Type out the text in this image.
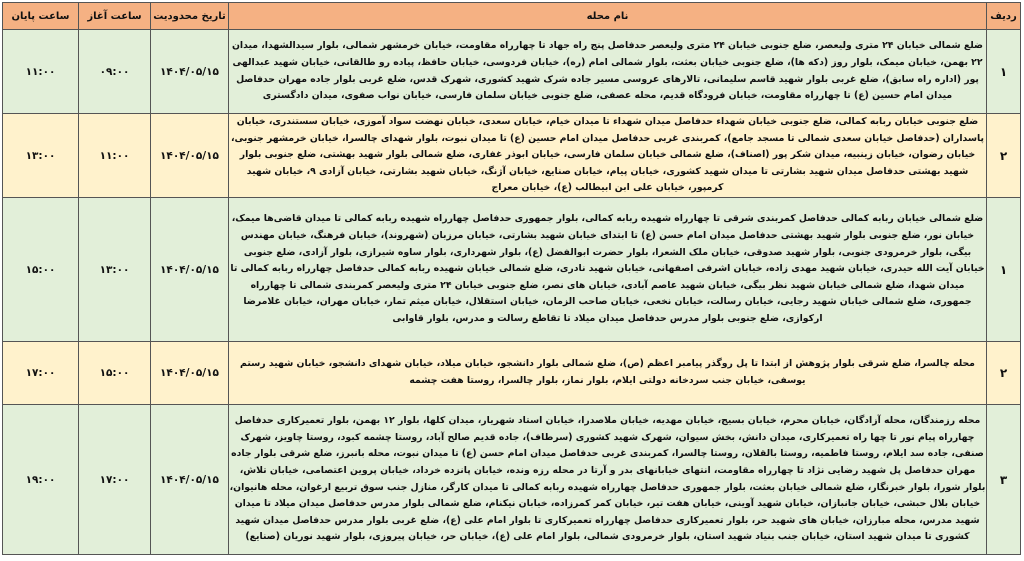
ردیف	نام محله	تاریخ محدودیت	ساعت آغاز	ساعت پایان
۱	ضلع شمالی خیابان ۲۴ متری ولیعصر، ضلع جنوبی خیابان ۲۴ متری ولیعصر حدفاصل پنج راه جهاد تا چهارراه مقاومت، خیابان خرمشهر شمالی، بلوار سیدالشهدا، میدان ۲۲ بهمن، خیابان میمک، بلوار روز (دکه ها)، ضلع جنوبی خیابان بعثت، بلوار شمالی امام (ره)، خیابان فردوسی، خیابان حافظ، پیاده رو طالقانی، خیابان شهید عبدالهی پور (اداره راه سابق)، ضلع غربی بلوار شهید قاسم سلیمانی، تالارهای عروسی مسیر جاده شرک شهید کشوری، شهرک قدس، ضلع غربی بلوار جاده مهران حدفاصل میدان امام حسین (ع) تا چهارراه مقاومت، خیابان فرودگاه قدیم، محله عصفی، ضلع جنوبی خیابان سلمان فارسی، خیابان نواب صفوی، میدان دادگستری	۱۴۰۴/۰۵/۱۵	۰۹:۰۰	۱۱:۰۰
۲	ضلع جنوبی خیابان ربابه کمالی، ضلع جنوبی خیابان شهداء حدفاصل میدان شهداء تا میدان خیام، خیابان سعدی، خیابان نهضت سواد آموزی، خیابان سستندری، خیابان پاسداران (حدفاصل خیابان سعدی شمالی تا مسجد جامع)، کمربندی غربی حدفاصل میدان امام حسین (ع) تا میدان نبوت، بلوار شهدای چالسرا، خیابان خرمشهر جنوبی، خیابان رضوان، خیابان زینبیه، میدان شکر پور (اصناف)، ضلع شمالی خیابان سلمان فارسی، خیابان ابوذر غفاری، ضلع شمالی بلوار شهید بهشتی، ضلع جنوبی بلوار شهید بهشتی حدفاصل میدان شهید بشارتی تا میدان شهید کشوری، خیابان پیام، خیابان صنایع، خیابان آژنگ، خیابان شهید بشارتی، خیابان آزادی ۹، خیابان شهید کرمپور، خیابان علی ابن ابیطالب (ع)، خیابان معراج	۱۴۰۴/۰۵/۱۵	۱۱:۰۰	۱۳:۰۰
۱	ضلع شمالی خیابان ربابه کمالی حدفاصل کمربندی شرقی تا چهارراه شهیده ربابه کمالی، بلوار جمهوری حدفاصل چهارراه شهیده ربابه کمالی تا میدان قاضی‌ها میمک، خیابان نور، ضلع جنوبی بلوار شهید بهشتی حدفاصل میدان امام حسن (ع) تا ابتدای خیابان شهید بشارتی، خیابان مرزبان (شهروند)، خیابان فرهنگ، خیابان مهندس بیگی، بلوار خرمرودی جنوبی، بلوار شهید صدوقی، خیابان ملک الشعرا، بلوار حضرت ابوالفضل (ع)، بلوار شهرداری، بلوار ساوه شیرازی، بلوار آزادی، ضلع جنوبی خیابان آیت الله حیدری، خیابان شهید مهدی زاده، خیابان اشرفی اصفهانی، خیابان شهید نادری، ضلع شمالی خیابان شهیده ربابه کمالی حدفاصل چهارراه ربابه کمالی تا میدان شهدا، ضلع شمالی خیابان شهید نظر بیگی، خیابان شهید عاصم آبادی، خیابان های نصر، ضلع جنوبی خیابان ۲۴ متری ولیعصر کمربندی شمالی تا چهارراه جمهوری، ضلع شمالی خیابان شهید رجایی، خیابان رسالت، خیابان نخعی، خیابان صاحب الزمان، خیابان استقلال، خیابان میثم تمار، خیابان مهران، خیابان غلامرضا ارکوازی، ضلع جنوبی بلوار مدرس حدفاصل میدان میلاد تا تقاطع رسالت و مدرس، بلوار قاوابی	۱۴۰۴/۰۵/۱۵	۱۳:۰۰	۱۵:۰۰
۲	محله چالسرا، ضلع شرقی بلوار پژوهش از ابتدا تا پل روگذر پیامبر اعظم (ص)، ضلع شمالی بلوار دانشجو، خیابان میلاد، خیابان شهدای دانشجو، خیابان شهید رستم یوسفی، خیابان جنب سردخانه دولتی ایلام، بلوار نماز، بلوار چالسرا، روستا هفت چشمه	۱۴۰۴/۰۵/۱۵	۱۵:۰۰	۱۷:۰۰
۳	محله رزمندگان، محله آزادگان، خیابان محرم، خیابان بسیج، خیابان مهدیه، خیابان ملاصدرا، خیابان استاد شهریار، میدان کلها، بلوار ۱۲ بهمن، بلوار تعمیرکاری حدفاصل چهارراه پیام نور تا چها راه تعمیرکاری، میدان دانش، بخش سیوان، شهرک شهید کشوری (سرطاف)، جاده قدیم صالح آباد، روستا چشمه کبود، روستا چاویز، شهرک صنفی، جاده سد ایلام، روستا فاطمیه، روستا بالقلان، روستا چالسرا، کمربندی غربی حدفاصل میدان امام حسن (ع) تا میدان نبوت، محله بانبرز، ضلع شرقی بلوار جاده مهران حدفاصل پل شهید رضایی نژاد تا چهارراه مقاومت، انتهای خیابانهای بدر و آرتا در محله رزه ونده، خیابان پانزده خرداد، خیابان پروین اعتصامی، خیابان تلاش، بلوار شورا، بلوار خبرنگار، ضلع شمالی خیابان بعثت، بلوار جمهوری حدفاصل چهارراه شهیده ربابه کمالی تا میدان کارگر، منازل جنب سوق تربیع ارغوان، محله هانیوان، خیابان بلال حبشی، خیابان جانبازان، خیابان شهید آوینی، خیابان هفت تیر، خیابان کمر کمرزاده، خیابان نیکنام، ضلع شمالی بلوار مدرس حدفاصل میدان میلاد تا میدان شهید مدرس، محله مبارزان، خیابان های شهید حر، بلوار تعمیرکاری حدفاصل چهارراه تعمیرکاری تا بلوار امام علی (ع)، ضلع غربی بلوار مدرس حدفاصل میدان شهید کشوری تا میدان شهید استان، خیابان جنب بنیاد شهید استان، بلوار خرمرودی شمالی، بلوار امام علی (ع)، خیابان حر، خیابان پیروزی، بلوار شهید نوریان (صنایع)	۱۴۰۴/۰۵/۱۵	۱۷:۰۰	۱۹:۰۰
